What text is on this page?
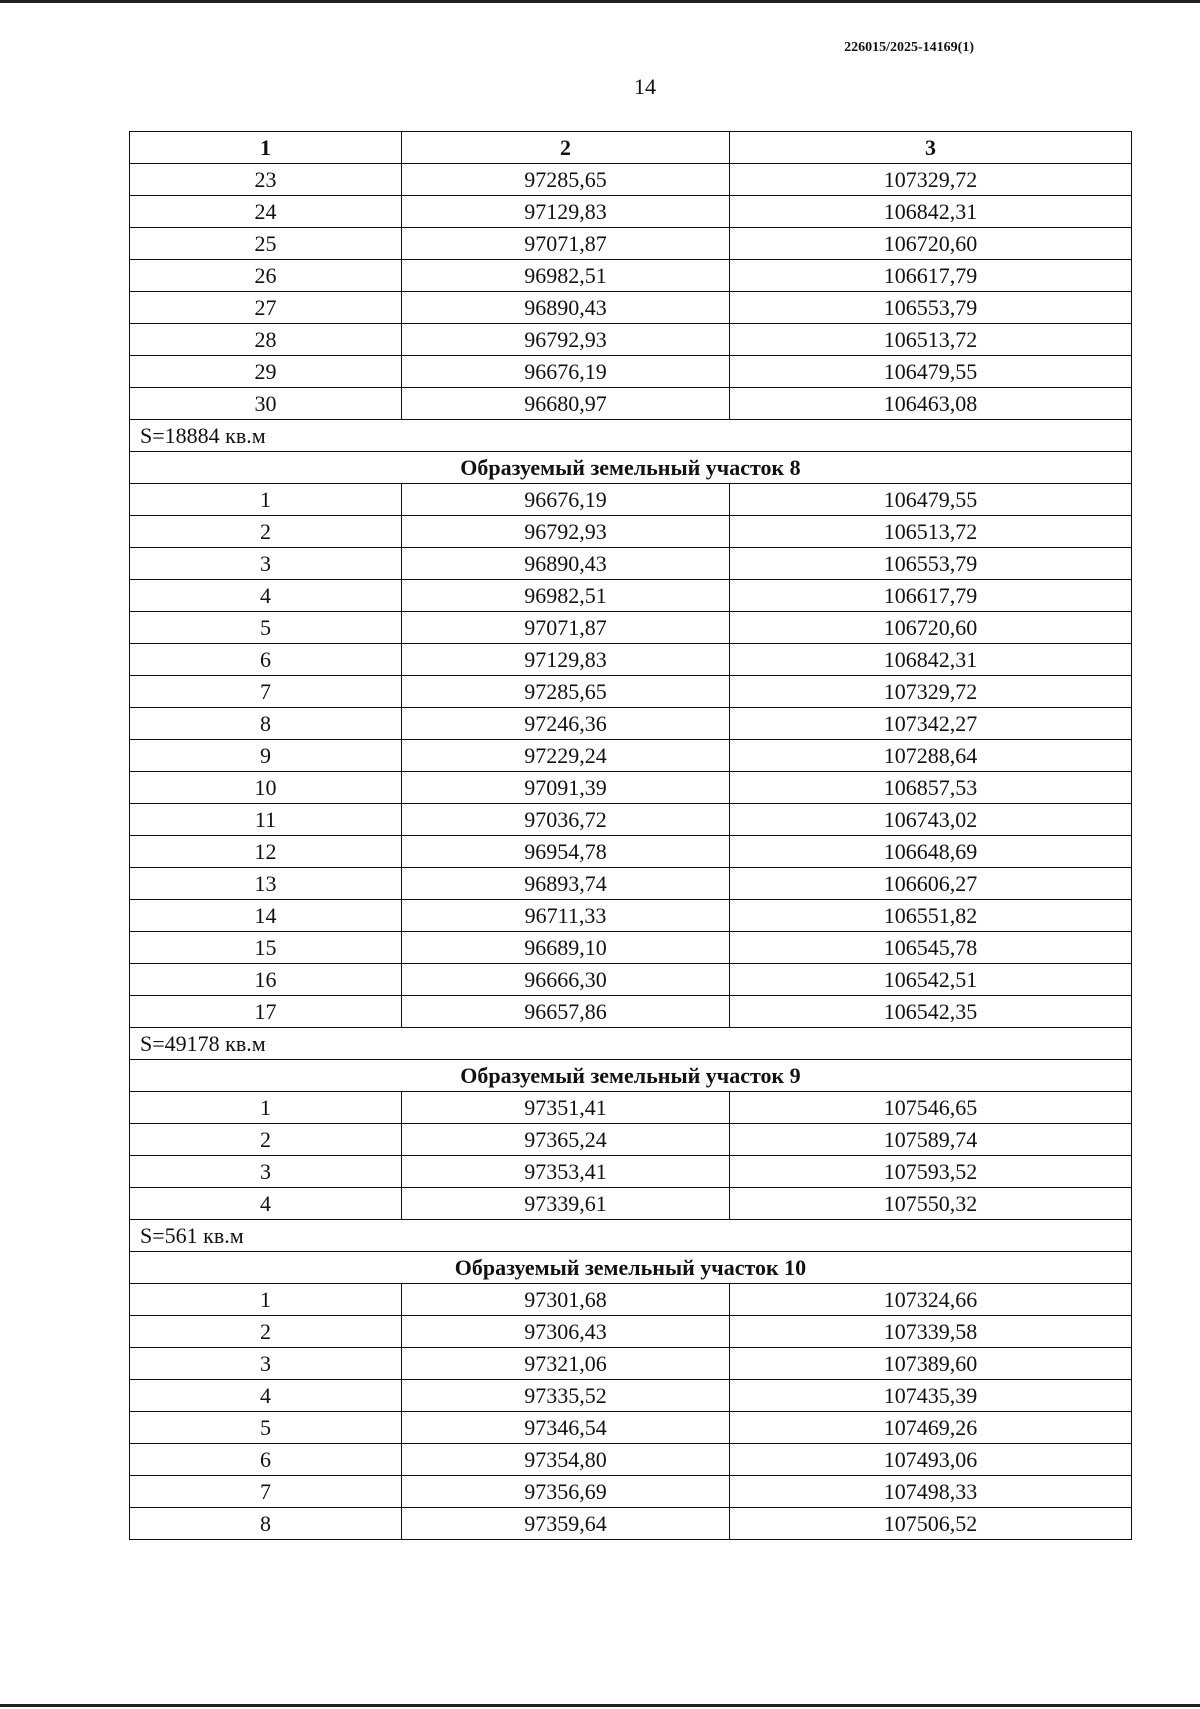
226015/2025-14169(1)
14
1	2	3
23	97285,65	107329,72
24	97129,83	106842,31
25	97071,87	106720,60
26	96982,51	106617,79
27	96890,43	106553,79
28	96792,93	106513,72
29	96676,19	106479,55
30	96680,97	106463,08
S=18884 кв.м		
Образуемый земельный участок 8		
1	96676,19	106479,55
2	96792,93	106513,72
3	96890,43	106553,79
4	96982,51	106617,79
5	97071,87	106720,60
6	97129,83	106842,31
7	97285,65	107329,72
8	97246,36	107342,27
9	97229,24	107288,64
10	97091,39	106857,53
11	97036,72	106743,02
12	96954,78	106648,69
13	96893,74	106606,27
14	96711,33	106551,82
15	96689,10	106545,78
16	96666,30	106542,51
17	96657,86	106542,35
S=49178 кв.м		
Образуемый земельный участок 9		
1	97351,41	107546,65
2	97365,24	107589,74
3	97353,41	107593,52
4	97339,61	107550,32
S=561 кв.м		
Образуемый земельный участок 10		
1	97301,68	107324,66
2	97306,43	107339,58
3	97321,06	107389,60
4	97335,52	107435,39
5	97346,54	107469,26
6	97354,80	107493,06
7	97356,69	107498,33
8	97359,64	107506,52
